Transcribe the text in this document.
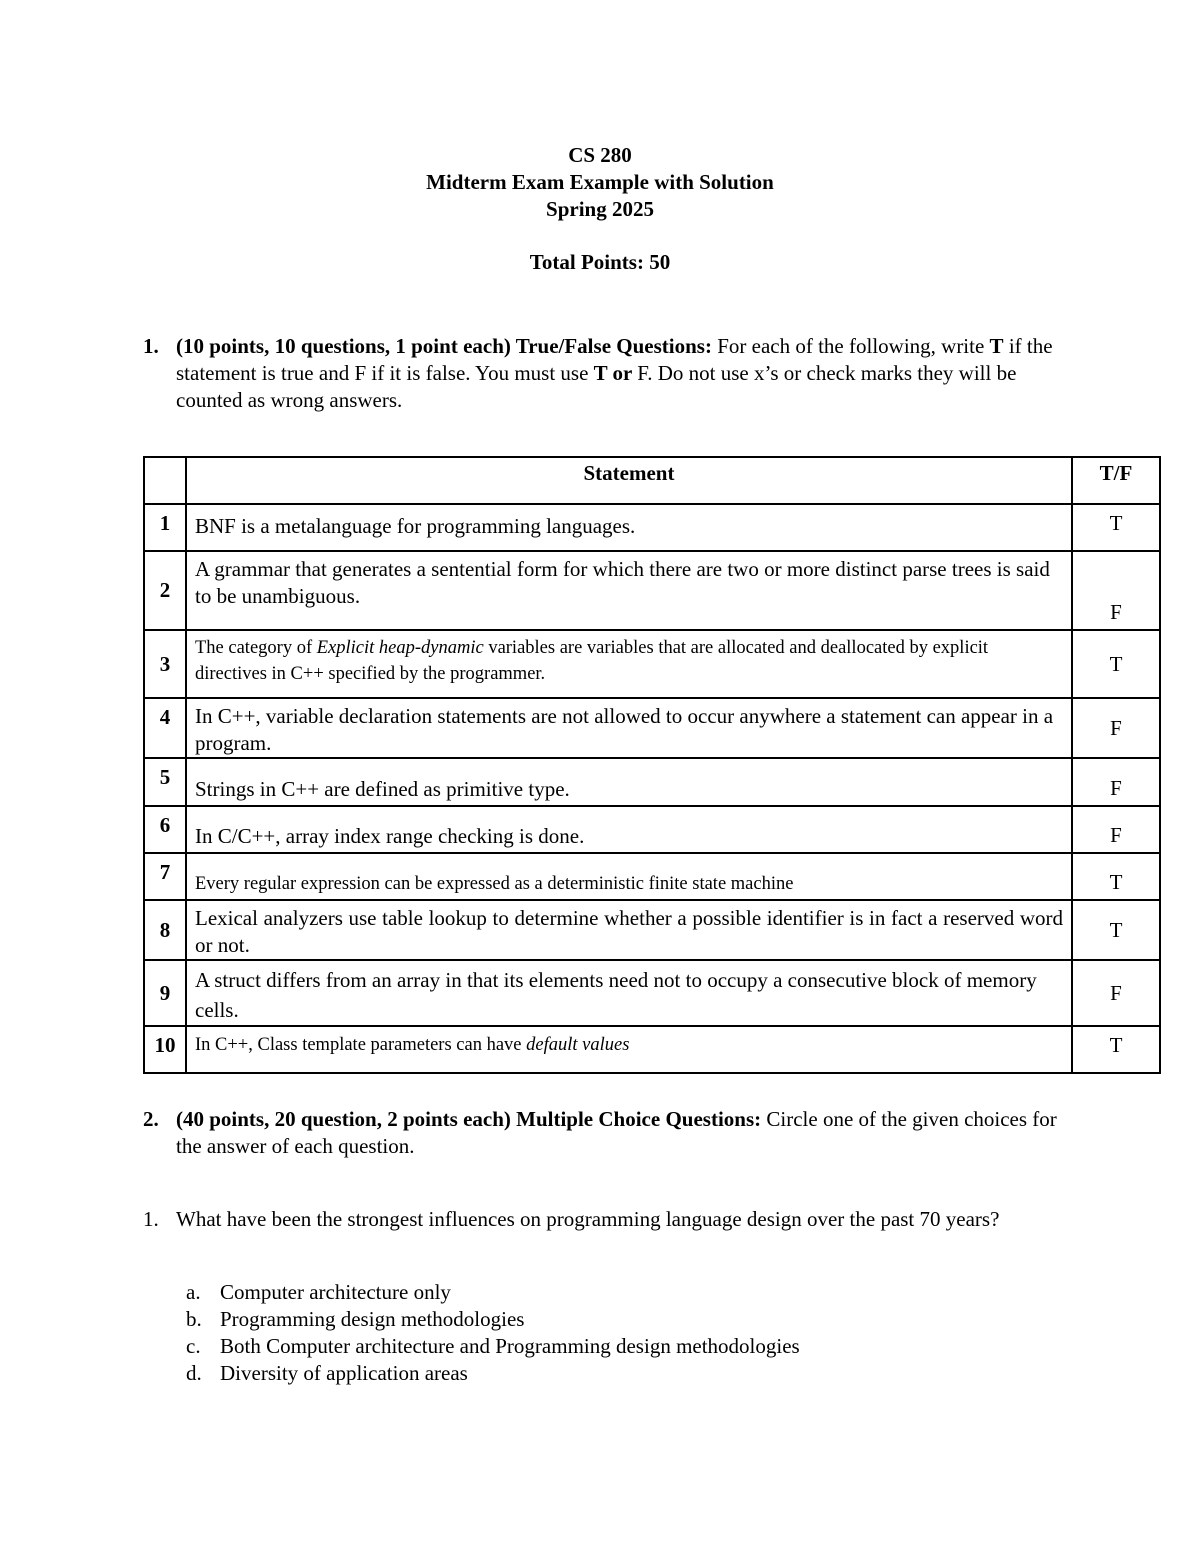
CS 280
Midterm Exam Example with Solution
Spring 2025
Total Points: 50
1. (10 points, 10 questions, 1 point each) True/False Questions: For each of the following, write T if the statement is true and F if it is false. You must use T or F. Do not use x’s or check marks they will be counted as wrong answers.
	Statement	T/F
1	BNF is a metalanguage for programming languages.	T
2	A grammar that generates a sentential form for which there are two or more distinct parse trees is said to be unambiguous.	F
3	The category of Explicit heap-dynamic variables are variables that are allocated and deallocated by explicit directives in C++ specified by the programmer.	T
4	In C++, variable declaration statements are not allowed to occur anywhere a statement can appear in a program.	F
5	Strings in C++ are defined as primitive type.	F
6	In C/C++, array index range checking is done.	F
7	Every regular expression can be expressed as a deterministic finite state machine	T
8	Lexical analyzers use table lookup to determine whether a possible identifier is in fact a reserved word or not.	T
9	A struct differs from an array in that its elements need not to occupy a consecutive block of memory cells.	F
10	In C++, Class template parameters can have default values	T
2. (40 points, 20 question, 2 points each) Multiple Choice Questions: Circle one of the given choices for the answer of each question.
1. What have been the strongest influences on programming language design over the past 70 years?
a. Computer architecture only
b. Programming design methodologies
c. Both Computer architecture and Programming design methodologies
d. Diversity of application areas
